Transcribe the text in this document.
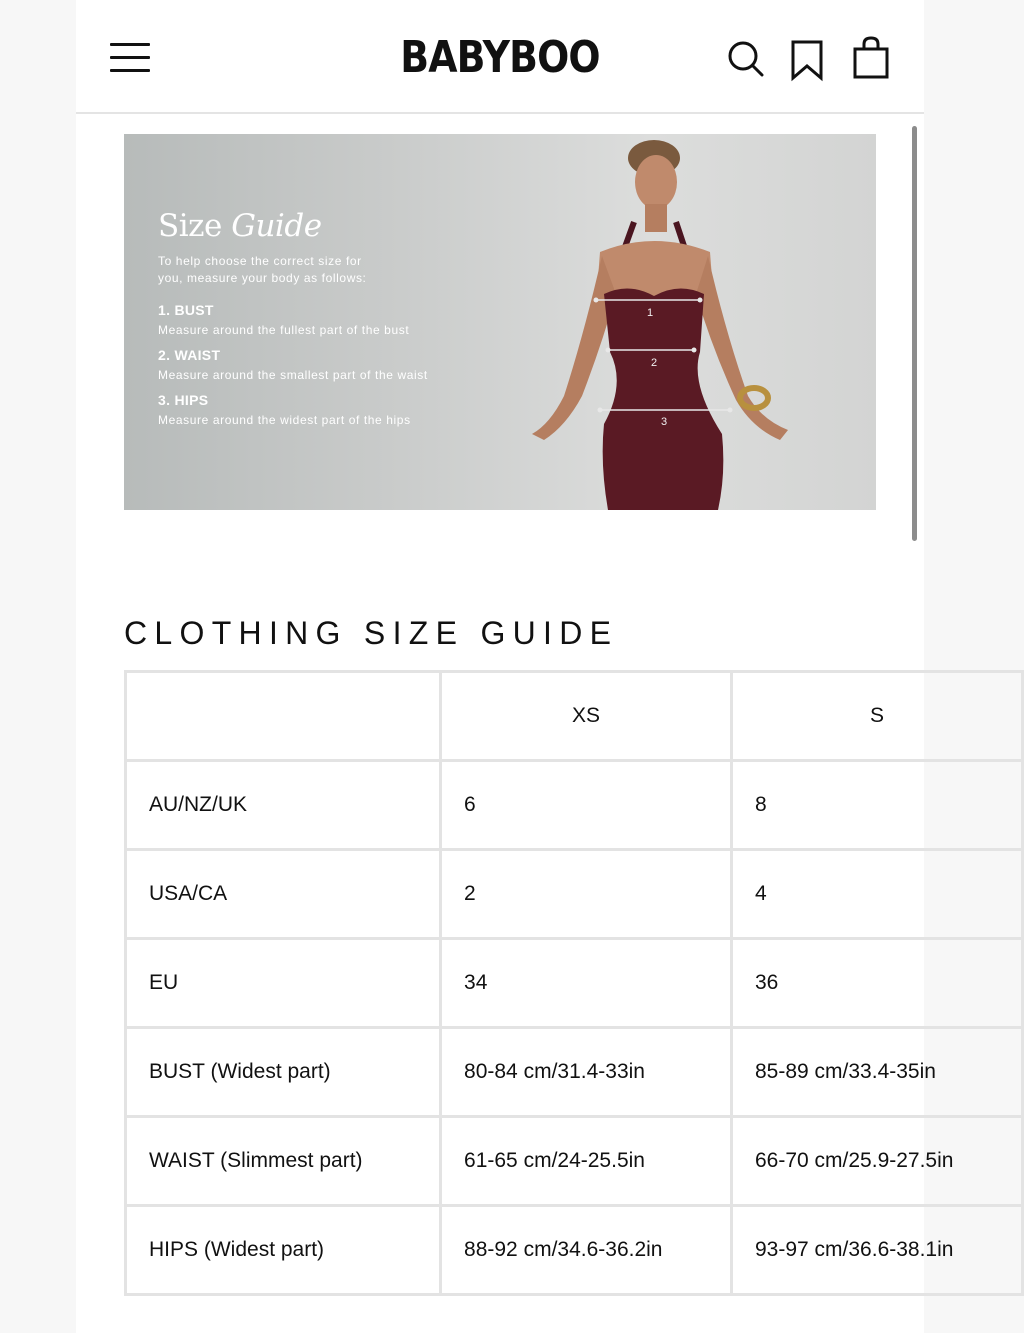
BABYBOO
Size Guide
To help choose the correct size for
you, measure your body as follows:
1. BUST
Measure around the fullest part of the bust
2. WAIST
Measure around the smallest part of the waist
3. HIPS
Measure around the widest part of the hips
1
2
3
CLOTHING SIZE GUIDE
	XS	S
AU/NZ/UK	6	8
USA/CA	2	4
EU	34	36
BUST (Widest part)	80-84 cm/31.4-33in	85-89 cm/33.4-35in
WAIST (Slimmest part)	61-65 cm/24-25.5in	66-70 cm/25.9-27.5in
HIPS (Widest part)	88-92 cm/34.6-36.2in	93-97 cm/36.6-38.1in
